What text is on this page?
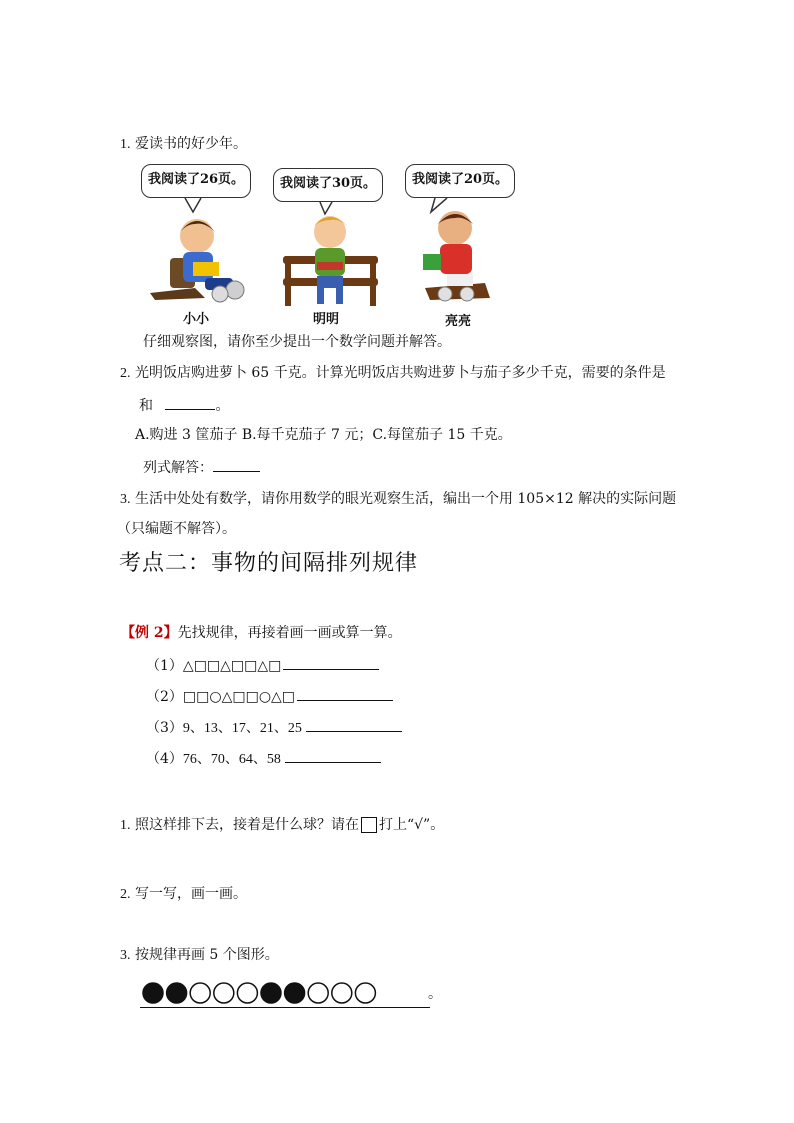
1. 爱读书的好少年。
我阅读了26页。	我阅读了30页。	我阅读了20页。
小小	明明	亮亮
仔细观察图，请你至少提出一个数学问题并解答。
2. 光明饭店购进萝卜 65 千克。计算光明饭店共购进萝卜与茄子多少千克，需要的条件是
和	。
A.购进 3 筐茄子 B.每千克茄子 7 元；C.每筐茄子 15 千克。
列式解答：
3. 生活中处处有数学，请你用数学的眼光观察生活，编出一个用 105×12 解决的实际问题
（只编题不解答）。
考点二：事物的间隔排列规律
【例 2】先找规律，再接着画一画或算一算。
（1）△□□△□□△□
（2）□□○△□□○△□
（3）9、13、17、21、25
（4）76、70、64、58
1. 照这样排下去，接着是什么球？请在 打上“√”。
2. 写一写，画一画。
3. 按规律再画 5 个图形。
。
